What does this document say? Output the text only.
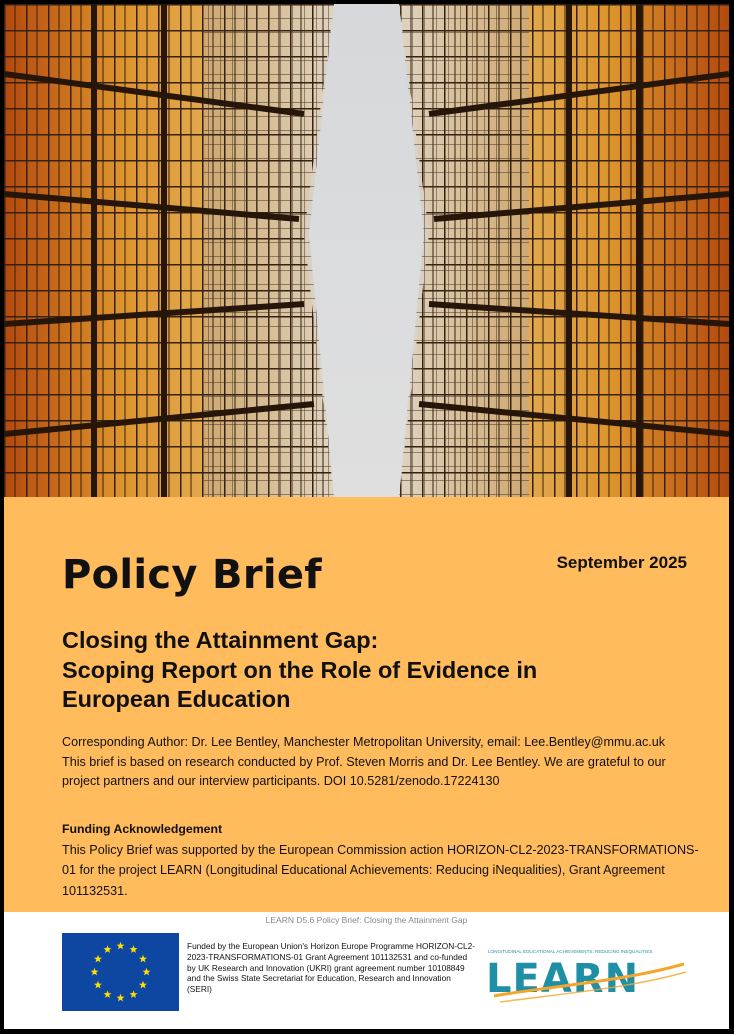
Policy Brief	September 2025
Closing the Attainment Gap:
Scoping Report on the Role of Evidence in
European Education
Corresponding Author: Dr. Lee Bentley, Manchester Metropolitan University, email: Lee.Bentley@mmu.ac.uk
This brief is based on research conducted by Prof. Steven Morris and Dr. Lee Bentley. We are grateful to our project partners and our interview participants. DOI 10.5281/zenodo.17224130
Funding Acknowledgement
This Policy Brief was supported by the European Commission action HORIZON-CL2-2023-TRANSFORMATIONS-01 for the project LEARN (Longitudinal Educational Achievements: Reducing iNequalities), Grant Agreement 101132531.
LEARN D5.6 Policy Brief: Closing the Attainment Gap
Funded by the European Union's Horizon Europe Programme HORIZON-CL2-2023-TRANSFORMATIONS-01 Grant Agreement 101132531 and co-funded by UK Research and Innovation (UKRI) grant agreement number 10108849 and the Swiss State Secretariat for Education, Research and Innovation (SERI)
LONGITUDINAL EDUCATIONAL ACHIEVEMENTS: REDUCING INEQUALITIES
LEARN
